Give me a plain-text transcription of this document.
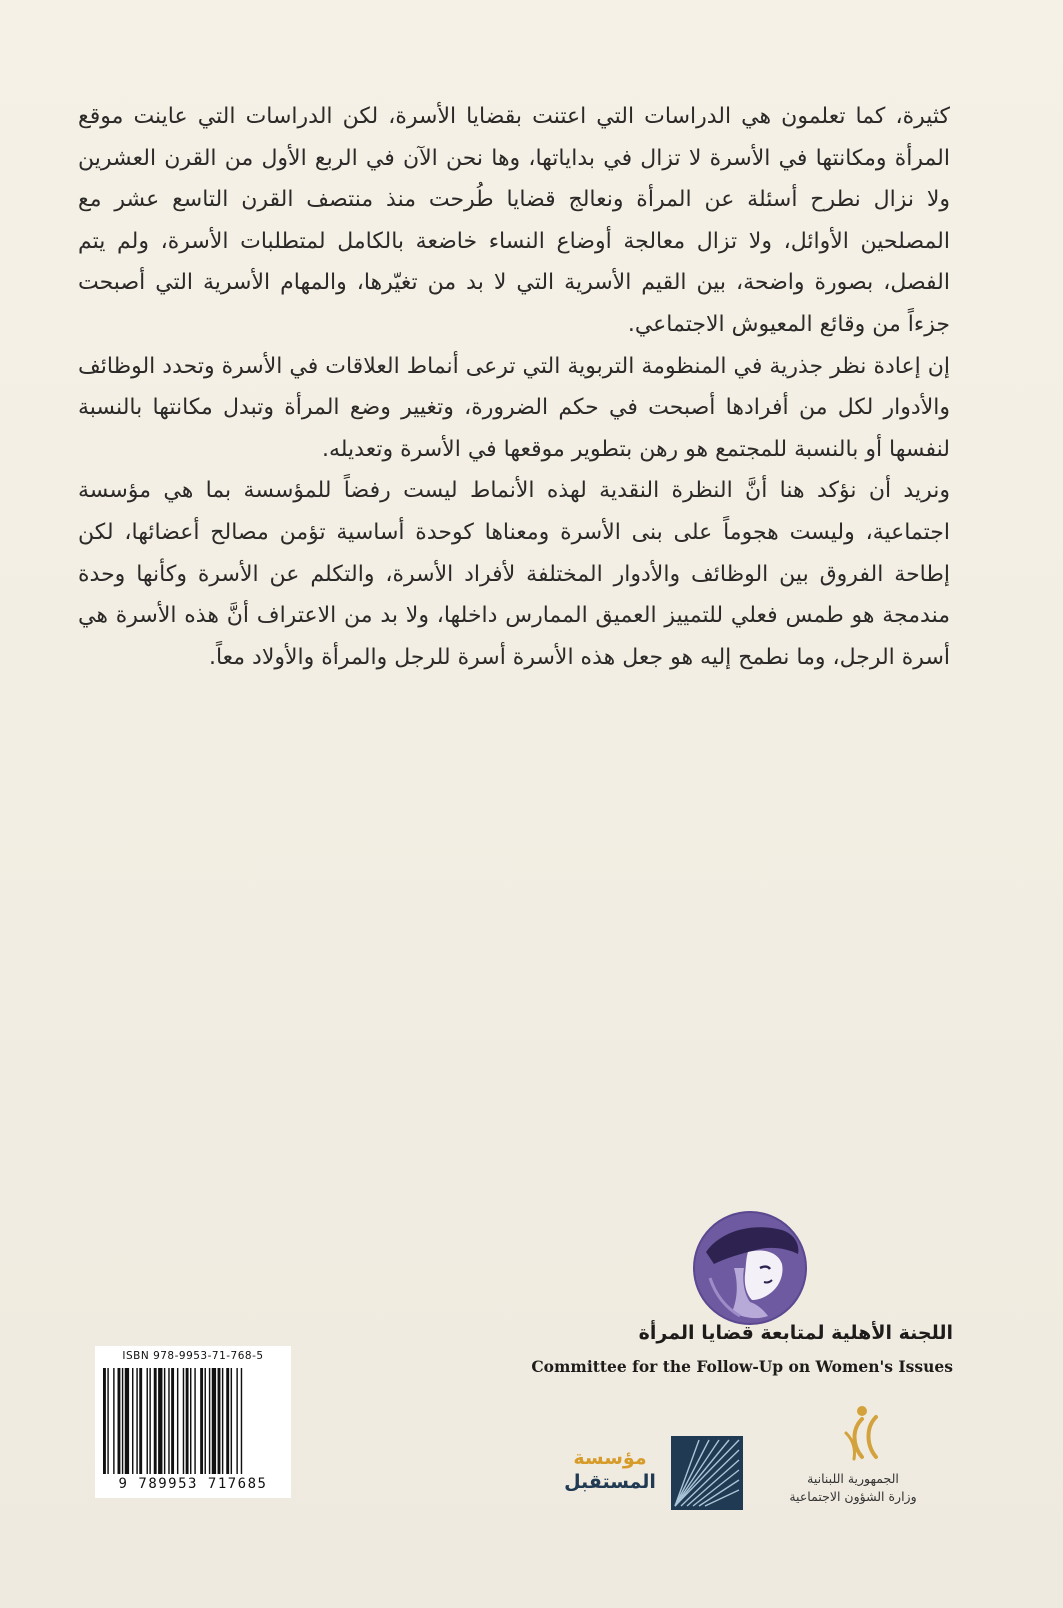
كثيرة، كما تعلمون هي الدراسات التي اعتنت بقضايا الأسرة، لكن الدراسات التي عاينت موقع المرأة ومكانتها في الأسرة لا تزال في بداياتها، وها نحن الآن في الربع الأول من القرن العشرين ولا نزال نطرح أسئلة عن المرأة ونعالج قضايا طُرحت منذ منتصف القرن التاسع عشر مع المصلحين الأوائل، ولا تزال معالجة أوضاع النساء خاضعة بالكامل لمتطلبات الأسرة، ولم يتم الفصل، بصورة واضحة، بين القيم الأسرية التي لا بد من تغيّرها، والمهام الأسرية التي أصبحت جزءاً من وقائع المعيوش الاجتماعي.

إن إعادة نظر جذرية في المنظومة التربوية التي ترعى أنماط العلاقات في الأسرة وتحدد الوظائف والأدوار لكل من أفرادها أصبحت في حكم الضرورة، وتغيير وضع المرأة وتبدل مكانتها بالنسبة لنفسها أو بالنسبة للمجتمع هو رهن بتطوير موقعها في الأسرة وتعديله.

ونريد أن نؤكد هنا أنَّ النظرة النقدية لهذه الأنماط ليست رفضاً للمؤسسة بما هي مؤسسة اجتماعية، وليست هجوماً على بنى الأسرة ومعناها كوحدة أساسية تؤمن مصالح أعضائها، لكن إطاحة الفروق بين الوظائف والأدوار المختلفة لأفراد الأسرة، والتكلم عن الأسرة وكأنها وحدة مندمجة هو طمس فعلي للتمييز العميق الممارس داخلها، ولا بد من الاعتراف أنَّ هذه الأسرة هي أسرة الرجل، وما نطمح إليه هو جعل هذه الأسرة أسرة للرجل والمرأة والأولاد معاً.

اللجنة الأهلية لمتابعة قضايا المرأة
Committee for the Follow-Up on Women's Issues
ISBN 978-9953-71-768-5
9 789953 717685
مؤسسة
المستقبل	الجمهورية اللبنانية
وزارة الشؤون الاجتماعية
